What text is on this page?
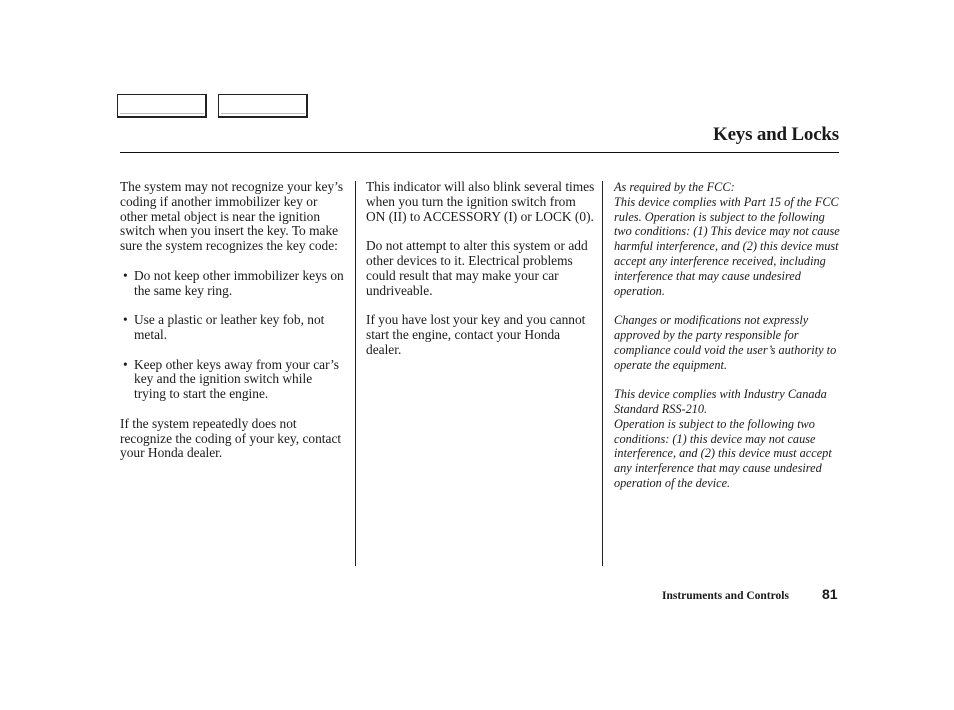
Keys and Locks

The system may not recognize your key’s coding if another immobilizer key or other metal object is near the ignition switch when you insert the key. To make sure the system recognizes the key code:

• Do not keep other immobilizer keys on the same key ring.
• Use a plastic or leather key fob, not metal.
• Keep other keys away from your car’s key and the ignition switch while trying to start the engine.

If the system repeatedly does not recognize the coding of your key, contact your Honda dealer.

This indicator will also blink several times when you turn the ignition switch from ON (II) to ACCESSORY (I) or LOCK (0).

Do not attempt to alter this system or add other devices to it. Electrical problems could result that may make your car undriveable.

If you have lost your key and you cannot start the engine, contact your Honda dealer.

As required by the FCC:
This device complies with Part 15 of the FCC rules. Operation is subject to the following two conditions: (1) This device may not cause harmful interference, and (2) this device must accept any interference received, including interference that may cause undesired operation.

Changes or modifications not expressly approved by the party responsible for compliance could void the user’s authority to operate the equipment.

This device complies with Industry Canada Standard RSS-210.
Operation is subject to the following two conditions: (1) this device may not cause interference, and (2) this device must accept any interference that may cause undesired operation of the device.

Instruments and Controls 81
